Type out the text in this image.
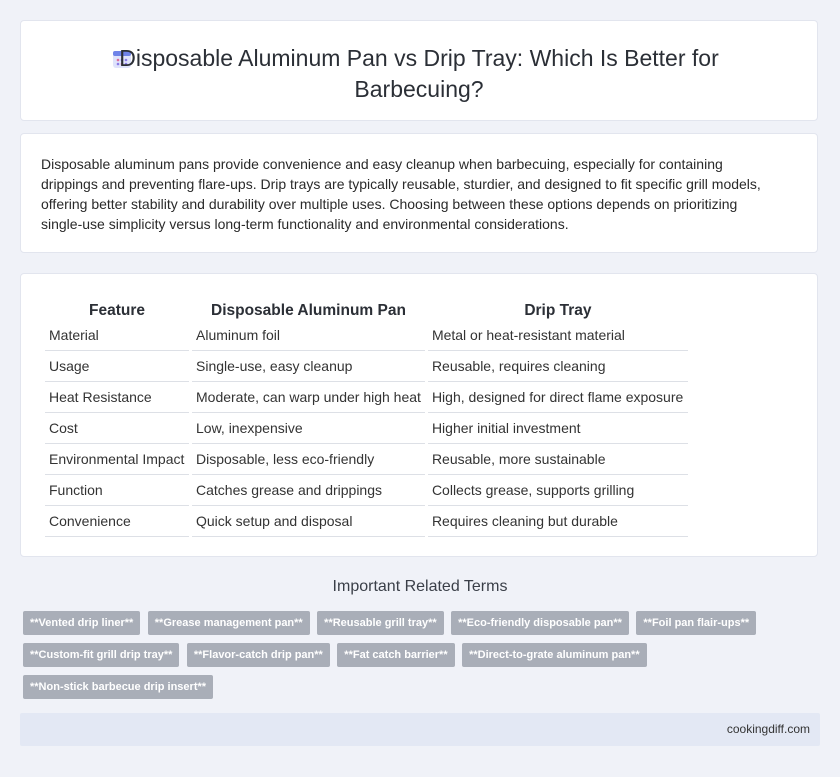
Disposable Aluminum Pan vs Drip Tray: Which Is Better for Barbecuing?
Disposable aluminum pans provide convenience and easy cleanup when barbecuing, especially for containing drippings and preventing flare-ups. Drip trays are typically reusable, sturdier, and designed to fit specific grill models, offering better stability and durability over multiple uses. Choosing between these options depends on prioritizing single-use simplicity versus long-term functionality and environmental considerations.
Feature	Disposable Aluminum Pan	Drip Tray
Material	Aluminum foil	Metal or heat-resistant material
Usage	Single-use, easy cleanup	Reusable, requires cleaning
Heat Resistance	Moderate, can warp under high heat	High, designed for direct flame exposure
Cost	Low, inexpensive	Higher initial investment
Environmental Impact	Disposable, less eco-friendly	Reusable, more sustainable
Function	Catches grease and drippings	Collects grease, supports grilling
Convenience	Quick setup and disposal	Requires cleaning but durable
Important Related Terms
**Vented drip liner** **Grease management pan** **Reusable grill tray** **Eco-friendly disposable pan** **Foil pan flair-ups** **Custom-fit grill drip tray** **Flavor-catch drip pan** **Fat catch barrier** **Direct-to-grate aluminum pan** **Non-stick barbecue drip insert**
cookingdiff.com
